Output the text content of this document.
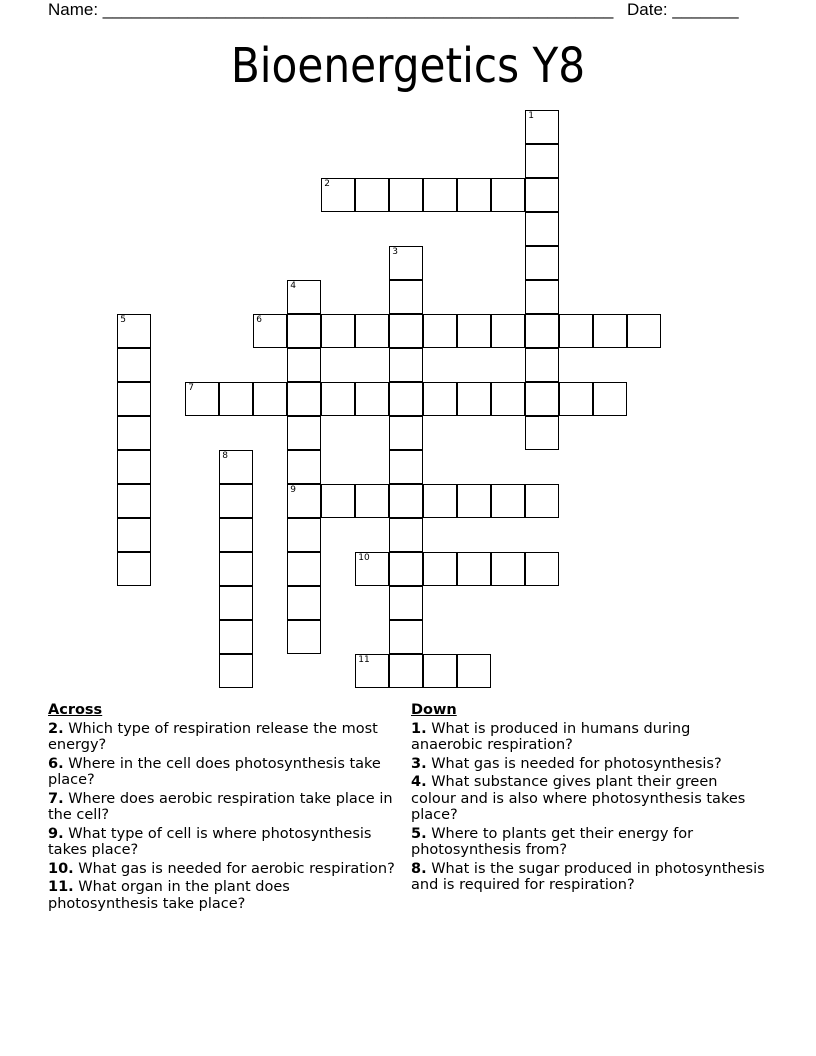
Name: ______________________________________________________ Date: _______
Bioenergetics Y8
1
2
3
4
9
5	6
7
8
10
11
Across
2. Which type of respiration release the most energy?
6. Where in the cell does photosynthesis take place?
7. Where does aerobic respiration take place in the cell?
9. What type of cell is where photosynthesis takes place?
10. What gas is needed for aerobic respiration?
11. What organ in the plant does photosynthesis take place?
Down
1. What is produced in humans during anaerobic respiration?
3. What gas is needed for photosynthesis?
4. What substance gives plant their green colour and is also where photosynthesis takes place?
5. Where to plants get their energy for photosynthesis from?
8. What is the sugar produced in photosynthesis and is required for respiration?
